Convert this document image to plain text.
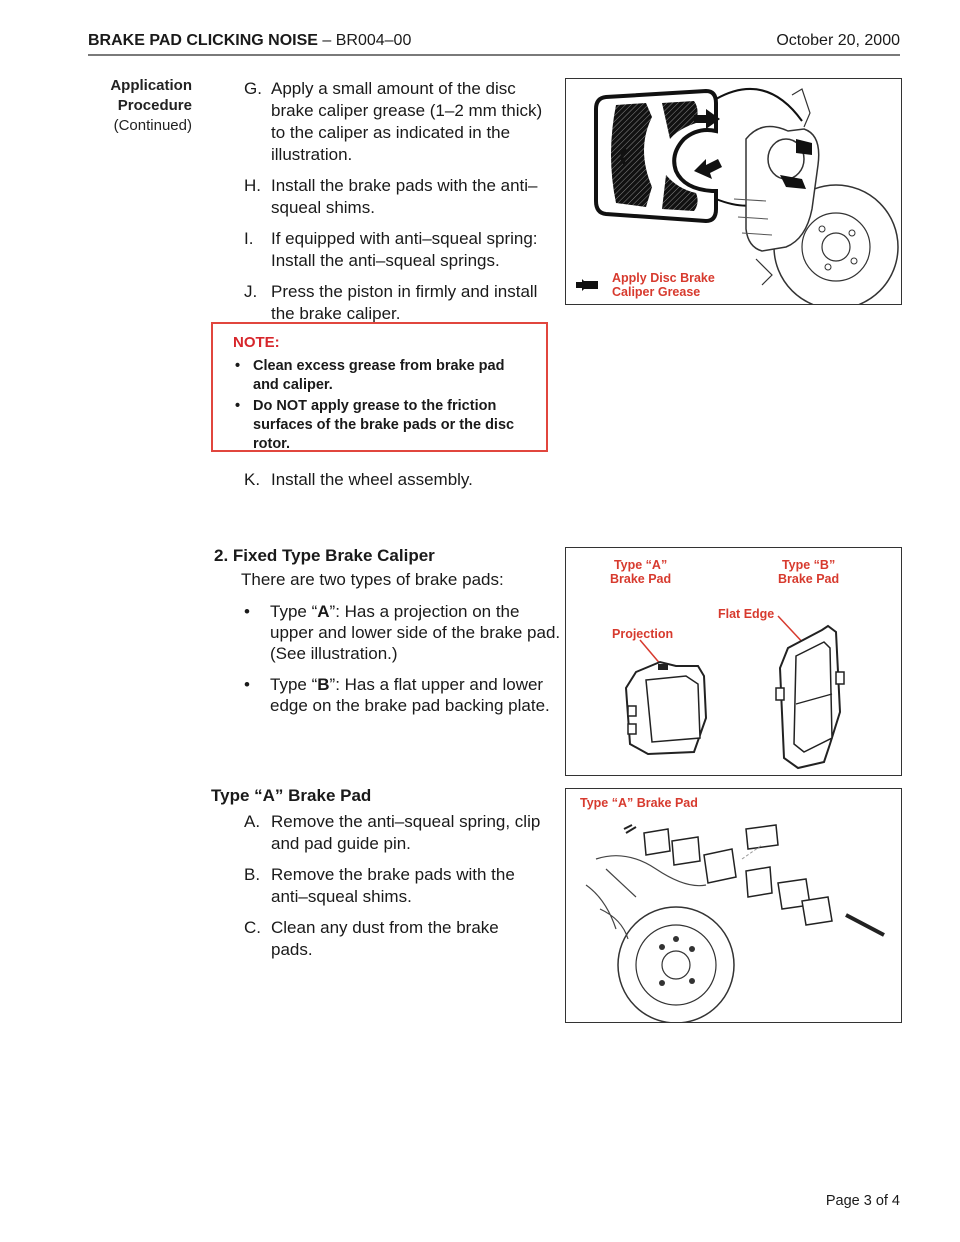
BRAKE PAD CLICKING NOISE – BR004–00	October 20, 2000
Application
Procedure
(Continued)
G. Apply a small amount of the disc brake caliper grease (1–2 mm thick) to the caliper as indicated in the illustration.
H. Install the brake pads with the anti–squeal shims.
I. If equipped with anti–squeal spring: Install the anti–squeal springs.
J. Press the piston in firmly and install the brake caliper.
NOTE:
• Clean excess grease from brake pad and caliper.
• Do NOT apply grease to the friction surfaces of the brake pads or the disc rotor.
K. Install the wheel assembly.
2. Fixed Type Brake Caliper
There are two types of brake pads:
• Type “A”: Has a projection on the upper and lower side of the brake pad. (See illustration.)
• Type “B”: Has a flat upper and lower edge on the brake pad backing plate.
Type “A” Brake Pad
A. Remove the anti–squeal spring, clip and pad guide pin.
B. Remove the brake pads with the anti–squeal shims.
C. Clean any dust from the brake pads.
Apply Disc Brake
Caliper Grease
Type “A”
Brake Pad
Type “B”
Brake Pad
Flat Edge
Projection
Type “A” Brake Pad
Page 3 of 4
